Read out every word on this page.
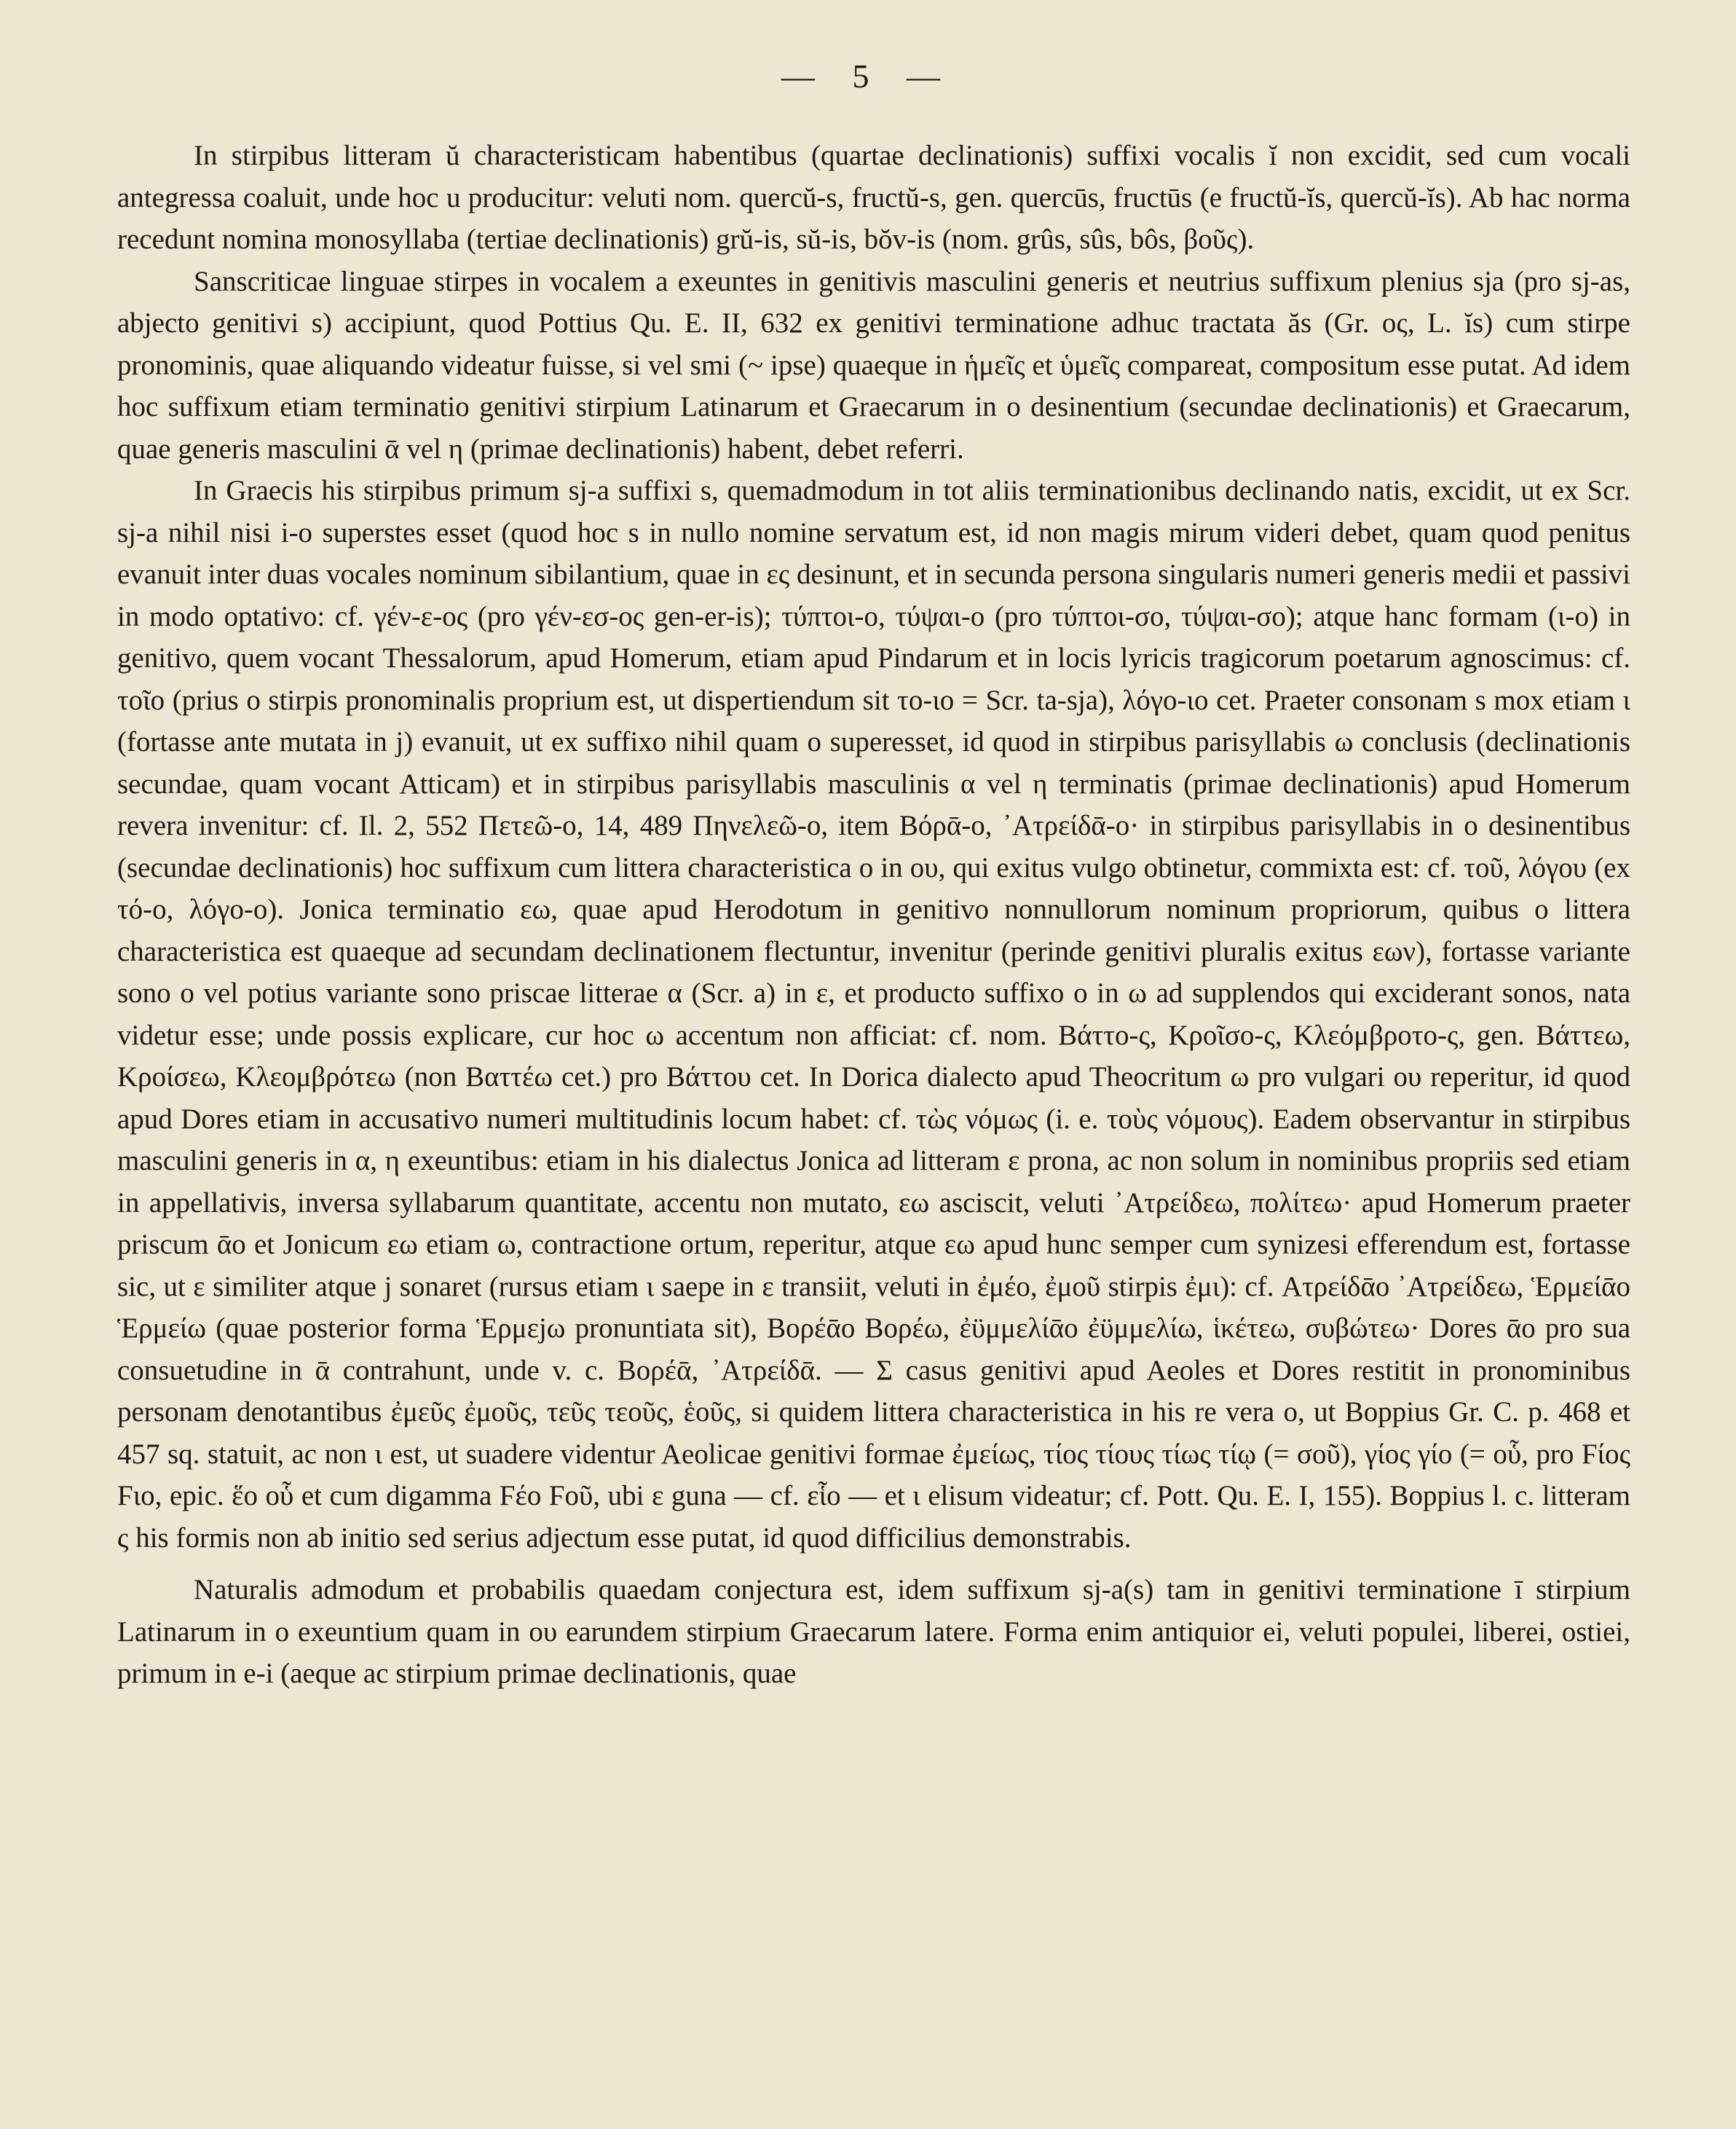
— 5 —

In stirpibus litteram ŭ characteristicam habentibus (quartae declinationis) suffixi vocalis ĭ non excidit, sed cum vocali antegressa coaluit, unde hoc u producitur: veluti nom. quercŭ-s, fructŭ-s, gen. quercūs, fructūs (e fructŭ-ĭs, quercŭ-ĭs). Ab hac norma recedunt nomina monosyllaba (tertiae declinationis) grŭ-is, sŭ-is, bŏv-is (nom. grûs, sûs, bôs, βοῦς).

Sanscriticae linguae stirpes in vocalem a exeuntes in genitivis masculini generis et neutrius suffixum plenius sja (pro sj-as, abjecto genitivi s) accipiunt, quod Pottius Qu. E. II, 632 ex genitivi terminatione adhuc tractata ăs (Gr. ος, L. ĭs) cum stirpe pronominis, quae aliquando videatur fuisse, si vel smi (~ ipse) quaeque in ἡμεῖς et ὑμεῖς compareat, compositum esse putat. Ad idem hoc suffixum etiam terminatio genitivi stirpium Latinarum et Graecarum in o desinentium (secundae declinationis) et Graecarum, quae generis masculini ᾱ vel η (primae declinationis) habent, debet referri.

In Graecis his stirpibus primum sj-a suffixi s, quemadmodum in tot aliis terminationibus declinando natis, excidit, ut ex Scr. sj-a nihil nisi i-o superstes esset (quod hoc s in nullo nomine servatum est, id non magis mirum videri debet, quam quod penitus evanuit inter duas vocales nominum sibilantium, quae in ες desinunt, et in secunda persona singularis numeri generis medii et passivi in modo optativo: cf. γέν-ε-ος (pro γέν-εσ-ος gen-er-is); τύπτοι-ο, τύψαι-ο (pro τύπτοι-σο, τύψαι-σο); atque hanc formam (ι-ο) in genitivo, quem vocant Thessalorum, apud Homerum, etiam apud Pindarum et in locis lyricis tragicorum poetarum agnoscimus: cf. τοῖο (prius ο stirpis pronominalis proprium est, ut dispertiendum sit το-ιο = Scr. ta-sja), λόγο-ιο cet. Praeter consonam s mox etiam ι (fortasse ante mutata in j) evanuit, ut ex suffixo nihil quam o superesset, id quod in stirpibus parisyllabis ω conclusis (declinationis secundae, quam vocant Atticam) et in stirpibus parisyllabis masculinis α vel η terminatis (primae declinationis) apud Homerum revera invenitur: cf. Il. 2, 552 Πετεῶ-ο, 14, 489 Πηνελεῶ-ο, item Βόρᾱ-ο, ᾿Ατρείδᾱ-ο· in stirpibus parisyllabis in o desinentibus (secundae declinationis) hoc suffixum cum littera characteristica ο in ου, qui exitus vulgo obtinetur, commixta est: cf. τοῦ, λόγου (ex τό-ο, λόγο-ο). Jonica terminatio εω, quae apud Herodotum in genitivo nonnullorum nominum propriorum, quibus o littera characteristica est quaeque ad secundam declinationem flectuntur, invenitur (perinde genitivi pluralis exitus εων), fortasse variante sono o vel potius variante sono priscae litterae α (Scr. a) in ε, et producto suffixo o in ω ad supplendos qui exciderant sonos, nata videtur esse; unde possis explicare, cur hoc ω accentum non afficiat: cf. nom. Βάττο-ς, Κροῖσο-ς, Κλεόμβροτο-ς, gen. Βάττεω, Κροίσεω, Κλεομβρότεω (non Βαττέω cet.) pro Βάττου cet. In Dorica dialecto apud Theocritum ω pro vulgari ου reperitur, id quod apud Dores etiam in accusativo numeri multitudinis locum habet: cf. τὼς νόμως (i. e. τοὺς νόμους). Eadem observantur in stirpibus masculini generis in α, η exeuntibus: etiam in his dialectus Jonica ad litteram ε prona, ac non solum in nominibus propriis sed etiam in appellativis, inversa syllabarum quantitate, accentu non mutato, εω asciscit, veluti ᾿Ατρείδεω, πολίτεω· apud Homerum praeter priscum ᾱο et Jonicum εω etiam ω, contractione ortum, reperitur, atque εω apud hunc semper cum synizesi efferendum est, fortasse sic, ut ε similiter atque j sonaret (rursus etiam ι saepe in ε transiit, veluti in ἐμέο, ἐμοῦ stirpis ἐμι): cf. Ατρείδᾱο ᾿Ατρείδεω, Ἑρμείᾱο Ἑρμείω (quae posterior forma Ἑρμεϳω pronuntiata sit), Βορέᾱο Βορέω, ἐϋμμελίᾱο ἐϋμμελίω, ἱκέτεω, συβώτεω· Dores ᾱο pro sua consuetudine in ᾱ contrahunt, unde v. c. Βορέᾱ, ᾿Ατρείδᾱ. — Σ casus genitivi apud Aeoles et Dores restitit in pronominibus personam denotantibus ἐμεῦς ἐμοῦς, τεῦς τεοῦς, ἑοῦς, si quidem littera characteristica in his re vera o, ut Boppius Gr. C. p. 468 et 457 sq. statuit, ac non ι est, ut suadere videntur Aeolicae genitivi formae ἐμείως, τίος τίους τίως τίῳ (= σοῦ), γίος γίο (= οὗ, pro Ϝίος Ϝιο, epic. ἕο οὗ et cum digamma Ϝέο Ϝοῦ, ubi ε guna — cf. εἷο — et ι elisum videatur; cf. Pott. Qu. E. I, 155). Boppius l. c. litteram ς his formis non ab initio sed serius adjectum esse putat, id quod difficilius demonstrabis.

Naturalis admodum et probabilis quaedam conjectura est, idem suffixum sj-a(s) tam in genitivi terminatione ī stirpium Latinarum in o exeuntium quam in ου earundem stirpium Graecarum latere. Forma enim antiquior ei, veluti populei, liberei, ostiei, primum in e-i (aeque ac stirpium primae declinationis, quae
